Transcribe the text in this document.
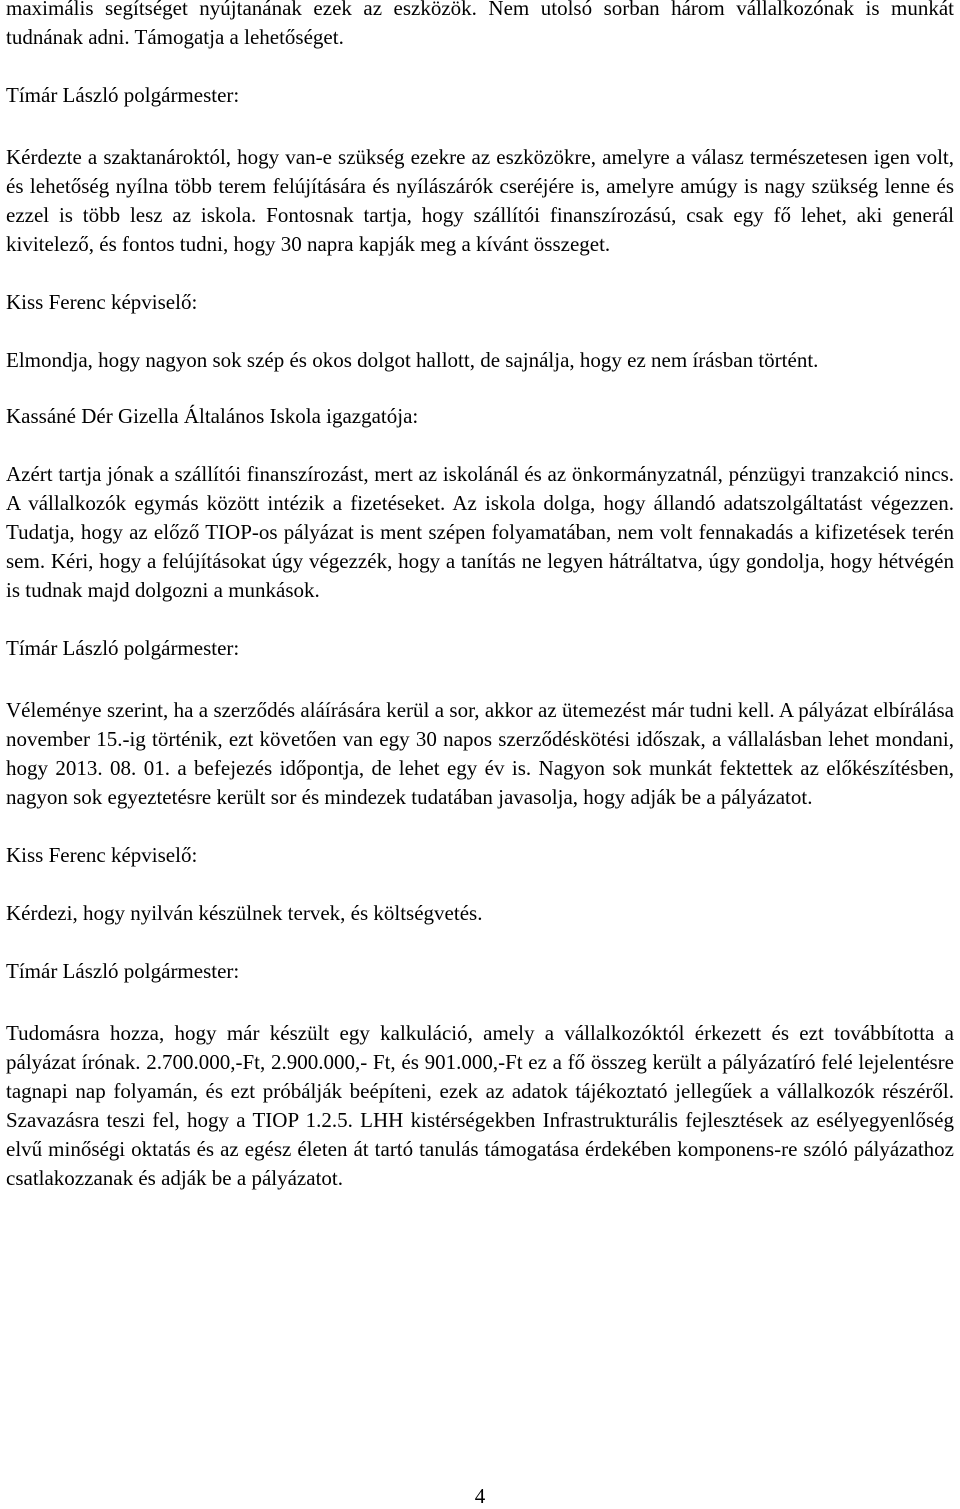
maximális segítséget nyújtanának ezek az eszközök. Nem utolsó sorban három vállalkozónak is munkát tudnának adni. Támogatja a lehetőséget.

Tímár László polgármester:

Kérdezte a szaktanároktól, hogy van-e szükség ezekre az eszközökre, amelyre a válasz természetesen igen volt, és lehetőség nyílna több terem felújítására és nyílászárók cseréjére is, amelyre amúgy is nagy szükség lenne és ezzel is több lesz az iskola. Fontosnak tartja, hogy szállítói finanszírozású, csak egy fő lehet, aki generál kivitelező, és fontos tudni, hogy 30 napra kapják meg a kívánt összeget.

Kiss Ferenc képviselő:

Elmondja, hogy nagyon sok szép és okos dolgot hallott, de sajnálja, hogy ez nem írásban történt.

Kassáné Dér Gizella Általános Iskola igazgatója:

Azért tartja jónak a szállítói finanszírozást, mert az iskolánál és az önkormányzatnál, pénzügyi tranzakció nincs. A vállalkozók egymás között intézik a fizetéseket. Az iskola dolga, hogy állandó adatszolgáltatást végezzen. Tudatja, hogy az előző TIOP-os pályázat is ment szépen folyamatában, nem volt fennakadás a kifizetések terén sem. Kéri, hogy a felújításokat úgy végezzék, hogy a tanítás ne legyen hátráltatva, úgy gondolja, hogy hétvégén is tudnak majd dolgozni a munkások.

Tímár László polgármester:

Véleménye szerint, ha a szerződés aláírására kerül a sor, akkor az ütemezést már tudni kell. A pályázat elbírálása november 15.-ig történik, ezt követően van egy 30 napos szerződéskötési időszak, a vállalásban lehet mondani, hogy 2013. 08. 01. a befejezés időpontja, de lehet egy év is. Nagyon sok munkát fektettek az előkészítésben, nagyon sok egyeztetésre került sor és mindezek tudatában javasolja, hogy adják be a pályázatot.

Kiss Ferenc képviselő:

Kérdezi, hogy nyilván készülnek tervek, és költségvetés.

Tímár László polgármester:

Tudomásra hozza, hogy már készült egy kalkuláció, amely a vállalkozóktól érkezett és ezt továbbította a pályázat írónak. 2.700.000,-Ft, 2.900.000,- Ft, és 901.000,-Ft ez a fő összeg került a pályázatíró felé lejelentésre tagnapi nap folyamán, és ezt próbálják beépíteni, ezek az adatok tájékoztató jellegűek a vállalkozók részéről. Szavazásra teszi fel, hogy a TIOP 1.2.5. LHH kistérségekben Infrastrukturális fejlesztések az esélyegyenlőség elvű minőségi oktatás és az egész életen át tartó tanulás támogatása érdekében komponens-re szóló pályázathoz csatlakozzanak és adják be a pályázatot.

4
